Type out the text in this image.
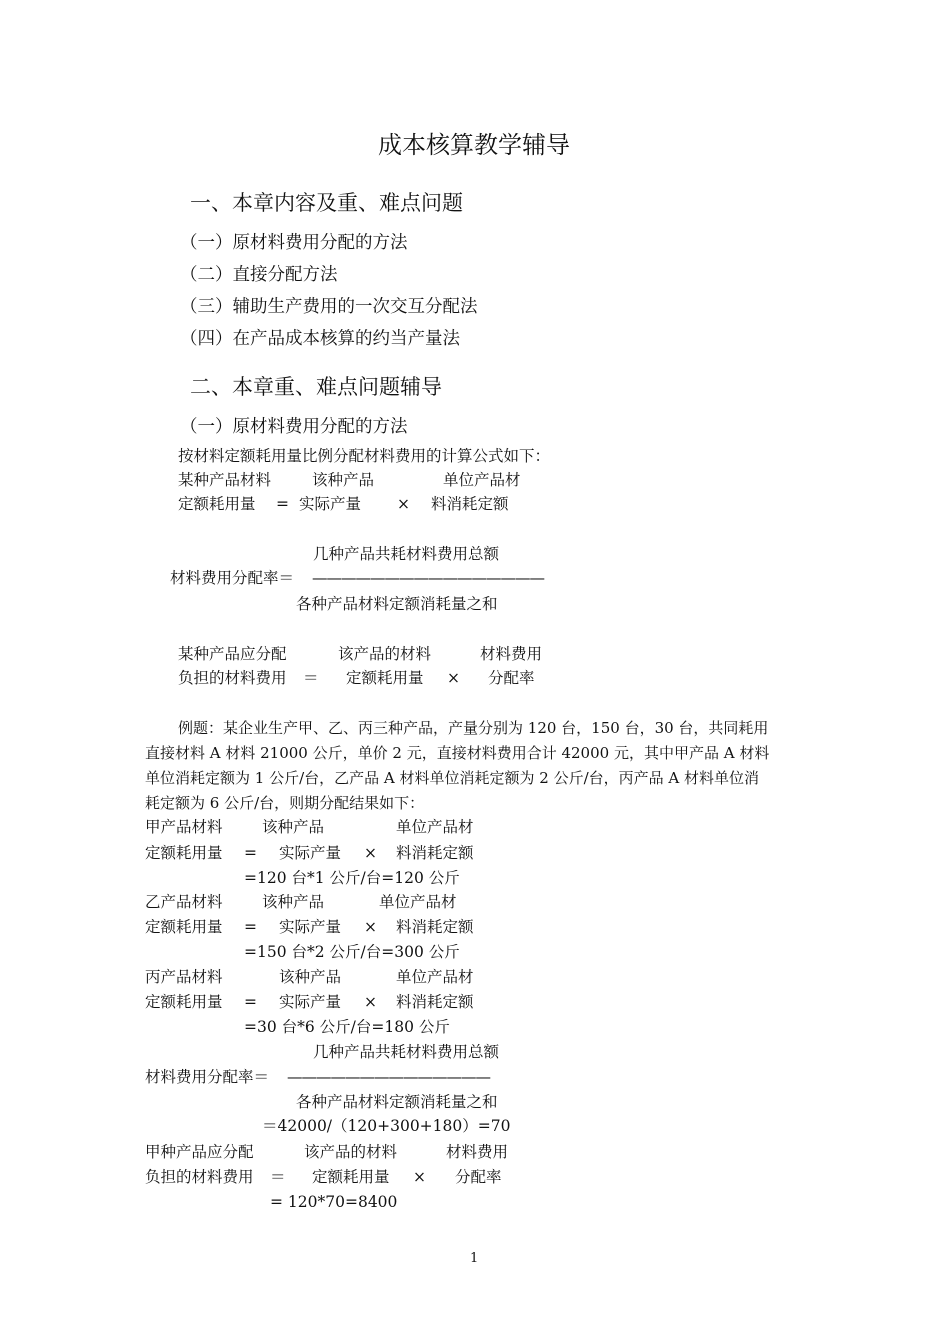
成本核算教学辅导
一、本章内容及重、难点问题
（一）原材料费用分配的方法
（二）直接分配方法
（三）辅助生产费用的一次交互分配法
（四）在产品成本核算的约当产量法
二、本章重、难点问题辅导
（一）原材料费用分配的方法
按材料定额耗用量比例分配材料费用的计算公式如下：
某种产品材料	该种产品	单位产品材
定额耗用量 = 实际产量 × 料消耗定额
几种产品共耗材料费用总额
材料费用分配率＝ ————————————————
各种产品材料定额消耗量之和
某种产品应分配	该产品的材料	材料费用
负担的材料费用 ＝ 定额耗用量 × 分配率
例题：某企业生产甲、乙、丙三种产品，产量分别为 120 台，150 台，30 台，共同耗用
直接材料 A 材料 21000 公斤，单价 2 元，直接材料费用合计 42000 元，其中甲产品 A 材料
单位消耗定额为 1 公斤/台，乙产品 A 材料单位消耗定额为 2 公斤/台，丙产品 A 材料单位消
耗定额为 6 公斤/台，则期分配结果如下：
甲产品材料	该种产品	单位产品材
定额耗用量 = 实际产量 × 料消耗定额
=120 台*1 公斤/台=120 公斤
乙产品材料	该种产品	单位产品材
定额耗用量 = 实际产量 × 料消耗定额
=150 台*2 公斤/台=300 公斤
丙产品材料	该种产品	单位产品材
定额耗用量 = 实际产量 × 料消耗定额
=30 台*6 公斤/台=180 公斤
几种产品共耗材料费用总额
材料费用分配率＝ ——————————————
各种产品材料定额消耗量之和
＝42000/（120+300+180）=70
甲种产品应分配	该产品的材料	材料费用
负担的材料费用 ＝ 定额耗用量 × 分配率
= 120*70=8400
1
